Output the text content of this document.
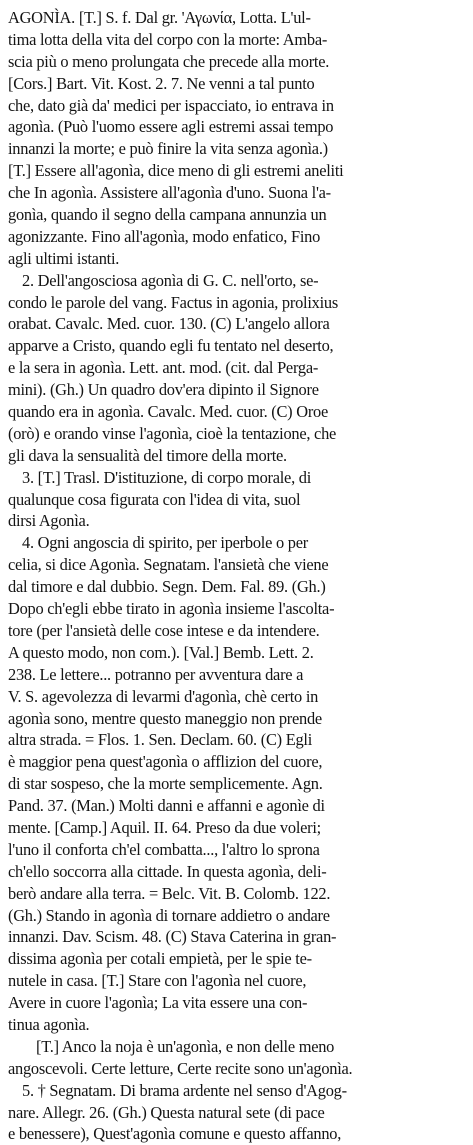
AGONÌA. [T.] S. f. Dal gr. 'Αγωνία, Lotta. L'ul-
tima lotta della vita del corpo con la morte: Amba-
scia più o meno prolungata che precede alla morte.
[Cors.] Bart. Vit. Kost. 2. 7. Ne venni a tal punto
che, dato già da' medici per ispacciato, io entrava in
agonìa. (Può l'uomo essere agli estremi assai tempo
innanzi la morte; e può finire la vita senza agonìa.)
[T.] Essere all'agonìa, dice meno di gli estremi aneliti
che In agonìa. Assistere all'agonìa d'uno. Suona l'a-
gonìa, quando il segno della campana annunzia un
agonizzante. Fino all'agonìa, modo enfatico, Fino
agli ultimi istanti.
2. Dell'angosciosa agonìa di G. C. nell'orto, se-
condo le parole del vang. Factus in agonia, prolixius
orabat. Cavalc. Med. cuor. 130. (C) L'angelo allora
apparve a Cristo, quando egli fu tentato nel deserto,
e la sera in agonìa. Lett. ant. mod. (cit. dal Perga-
mini). (Gh.) Un quadro dov'era dipinto il Signore
quando era in agonìa. Cavalc. Med. cuor. (C) Oroe
(orò) e orando vinse l'agonìa, cioè la tentazione, che
gli dava la sensualità del timore della morte.
3. [T.] Trasl. D'istituzione, di corpo morale, di
qualunque cosa figurata con l'idea di vita, suol
dirsi Agonìa.
4. Ogni angoscia di spirito, per iperbole o per
celia, si dice Agonìa. Segnatam. l'ansietà che viene
dal timore e dal dubbio. Segn. Dem. Fal. 89. (Gh.)
Dopo ch'egli ebbe tirato in agonìa insieme l'ascolta-
tore (per l'ansietà delle cose intese e da intendere.
A questo modo, non com.). [Val.] Bemb. Lett. 2.
238. Le lettere... potranno per avventura dare a
V. S. agevolezza di levarmi d'agonìa, chè certo in
agonìa sono, mentre questo maneggio non prende
altra strada. = Flos. 1. Sen. Declam. 60. (C) Egli
è maggior pena quest'agonìa o afflizion del cuore,
di star sospeso, che la morte semplicemente. Agn.
Pand. 37. (Man.) Molti danni e affanni e agonìe di
mente. [Camp.] Aquil. II. 64. Preso da due voleri;
l'uno il conforta ch'el combatta..., l'altro lo sprona
ch'ello soccorra alla cittade. In questa agonìa, deli-
berò andare alla terra. = Belc. Vit. B. Colomb. 122.
(Gh.) Stando in agonìa di tornare addietro o andare
innanzi. Dav. Scism. 48. (C) Stava Caterina in gran-
dissima agonìa per cotali empietà, per le spie te-
nutele in casa. [T.] Stare con l'agonìa nel cuore,
Avere in cuore l'agonìa; La vita essere una con-
tinua agonìa.
[T.] Anco la noja è un'agonìa, e non delle meno
angoscevoli. Certe letture, Certe recite sono un'agonìa.
5. † Segnatam. Di brama ardente nel senso d'Agog-
nare. Allegr. 26. (Gh.) Questa natural sete (di pace
e benessere), Quest'agonìa comune e questo affanno,
